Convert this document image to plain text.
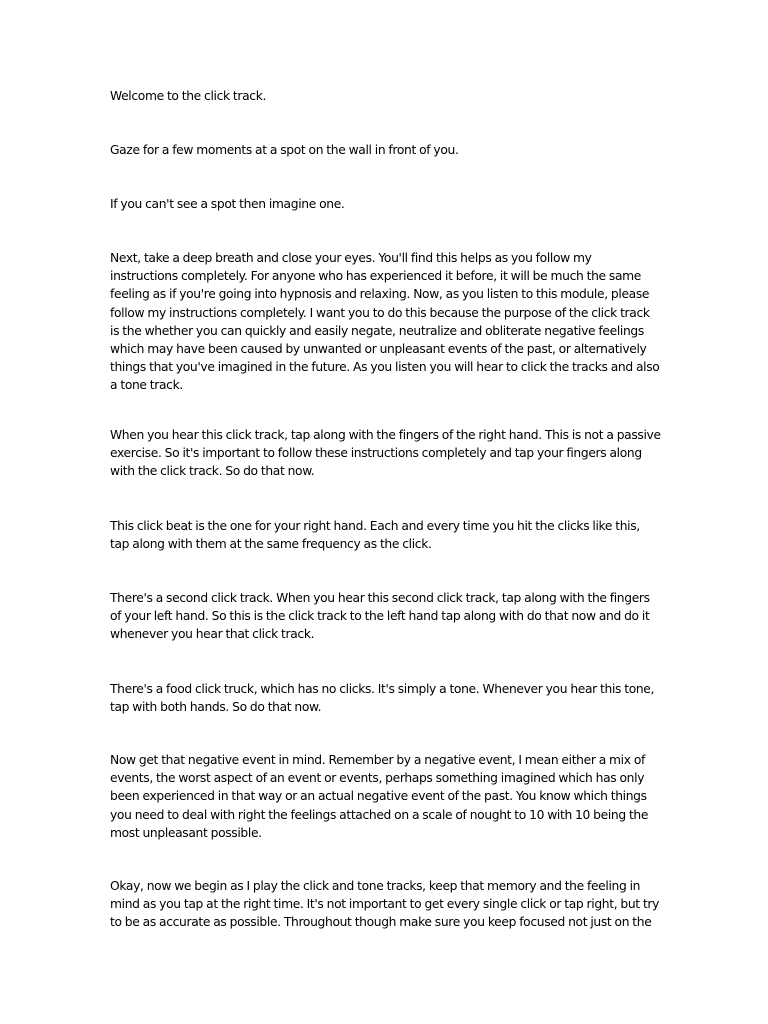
Welcome to the click track.

Gaze for a few moments at a spot on the wall in front of you.

If you can't see a spot then imagine one.

Next, take a deep breath and close your eyes. You'll find this helps as you follow my
instructions completely. For anyone who has experienced it before, it will be much the same
feeling as if you're going into hypnosis and relaxing. Now, as you listen to this module, please
follow my instructions completely. I want you to do this because the purpose of the click track
is the whether you can quickly and easily negate, neutralize and obliterate negative feelings
which may have been caused by unwanted or unpleasant events of the past, or alternatively
things that you've imagined in the future. As you listen you will hear to click the tracks and also
a tone track.

When you hear this click track, tap along with the fingers of the right hand. This is not a passive
exercise. So it's important to follow these instructions completely and tap your fingers along
with the click track. So do that now.

This click beat is the one for your right hand. Each and every time you hit the clicks like this,
tap along with them at the same frequency as the click.

There's a second click track. When you hear this second click track, tap along with the fingers
of your left hand. So this is the click track to the left hand tap along with do that now and do it
whenever you hear that click track.

There's a food click truck, which has no clicks. It's simply a tone. Whenever you hear this tone,
tap with both hands. So do that now.

Now get that negative event in mind. Remember by a negative event, I mean either a mix of
events, the worst aspect of an event or events, perhaps something imagined which has only
been experienced in that way or an actual negative event of the past. You know which things
you need to deal with right the feelings attached on a scale of nought to 10 with 10 being the
most unpleasant possible.

Okay, now we begin as I play the click and tone tracks, keep that memory and the feeling in
mind as you tap at the right time. It's not important to get every single click or tap right, but try
to be as accurate as possible. Throughout though make sure you keep focused not just on the
